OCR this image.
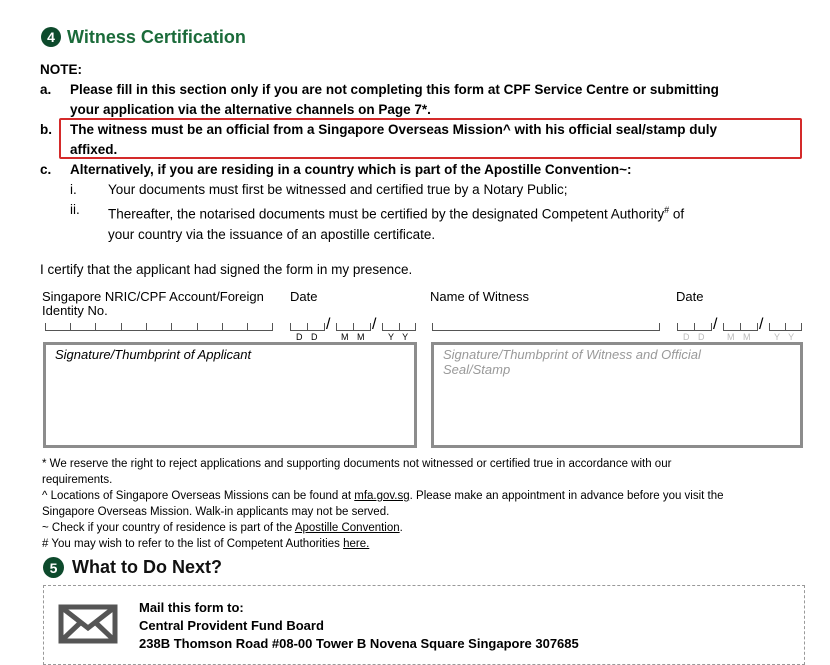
4 Witness Certification
NOTE:
a. Please fill in this section only if you are not completing this form at CPF Service Centre or submitting
your application via the alternative channels on Page 7*.
b. The witness must be an official from a Singapore Overseas Mission^ with his official seal/stamp duly
affixed.
c. Alternatively, if you are residing in a country which is part of the Apostille Convention~:
i. Your documents must first be witnessed and certified true by a Notary Public;
ii. Thereafter, the notarised documents must be certified by the designated Competent Authority# of
your country via the issuance of an apostille certificate.
I certify that the applicant had signed the form in my presence.
Singapore NRIC/CPF Account/Foreign
Identity No.
Date	Name of Witness	Date
/	/
D D M M Y Y
/	/
D D M M Y Y
Signature/Thumbprint of Applicant	Signature/Thumbprint of Witness and Official
Seal/Stamp
* We reserve the right to reject applications and supporting documents not witnessed or certified true in accordance with our
requirements.
^ Locations of Singapore Overseas Missions can be found at mfa.gov.sg. Please make an appointment in advance before you visit the
Singapore Overseas Mission. Walk-in applicants may not be served.
~ Check if your country of residence is part of the Apostille Convention.
# You may wish to refer to the list of Competent Authorities here.
5 What to Do Next?
Mail this form to:
Central Provident Fund Board
238B Thomson Road #08-00 Tower B Novena Square Singapore 307685
